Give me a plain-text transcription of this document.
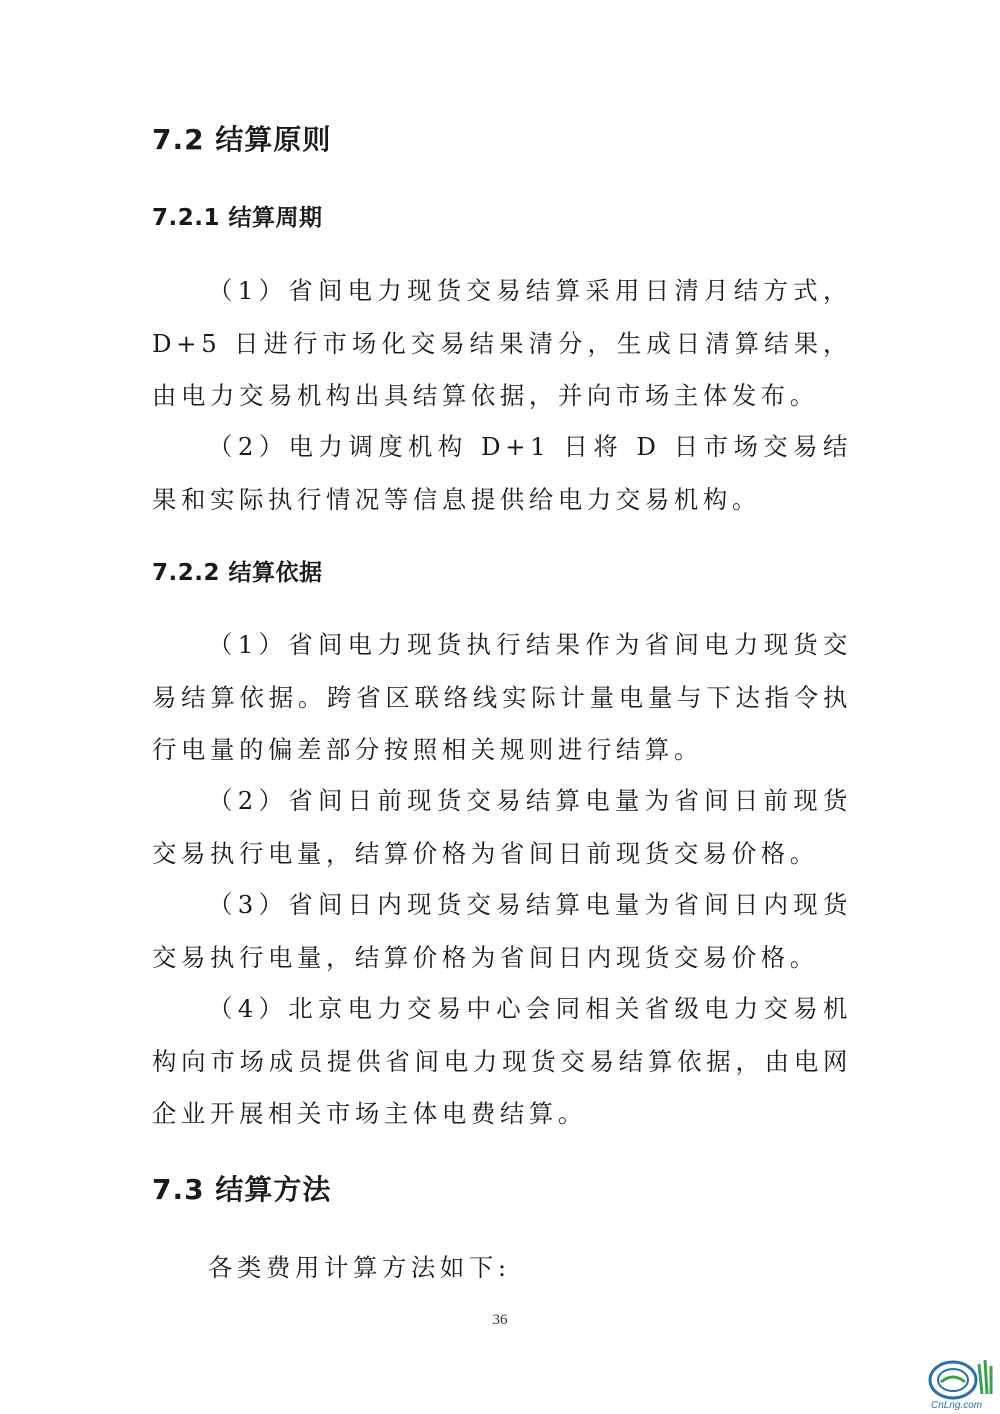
7.2 结算原则
7.2.1 结算周期

（1）省间电力现货交易结算采用日清月结方式，D+5 日进行市场化交易结果清分，生成日清算结果，由电力交易机构出具结算依据，并向市场主体发布。

（2）电力调度机构 D+1 日将 D 日市场交易结果和实际执行情况等信息提供给电力交易机构。

7.2.2 结算依据

（1）省间电力现货执行结果作为省间电力现货交易结算依据。跨省区联络线实际计量电量与下达指令执行电量的偏差部分按照相关规则进行结算。

（2）省间日前现货交易结算电量为省间日前现货交易执行电量，结算价格为省间日前现货交易价格。

（3）省间日内现货交易结算电量为省间日内现货交易执行电量，结算价格为省间日内现货交易价格。

（4）北京电力交易中心会同相关省级电力交易机构向市场成员提供省间电力现货交易结算依据，由电网企业开展相关市场主体电费结算。

7.3 结算方法
各类费用计算方法如下:
36
CnLng.com
